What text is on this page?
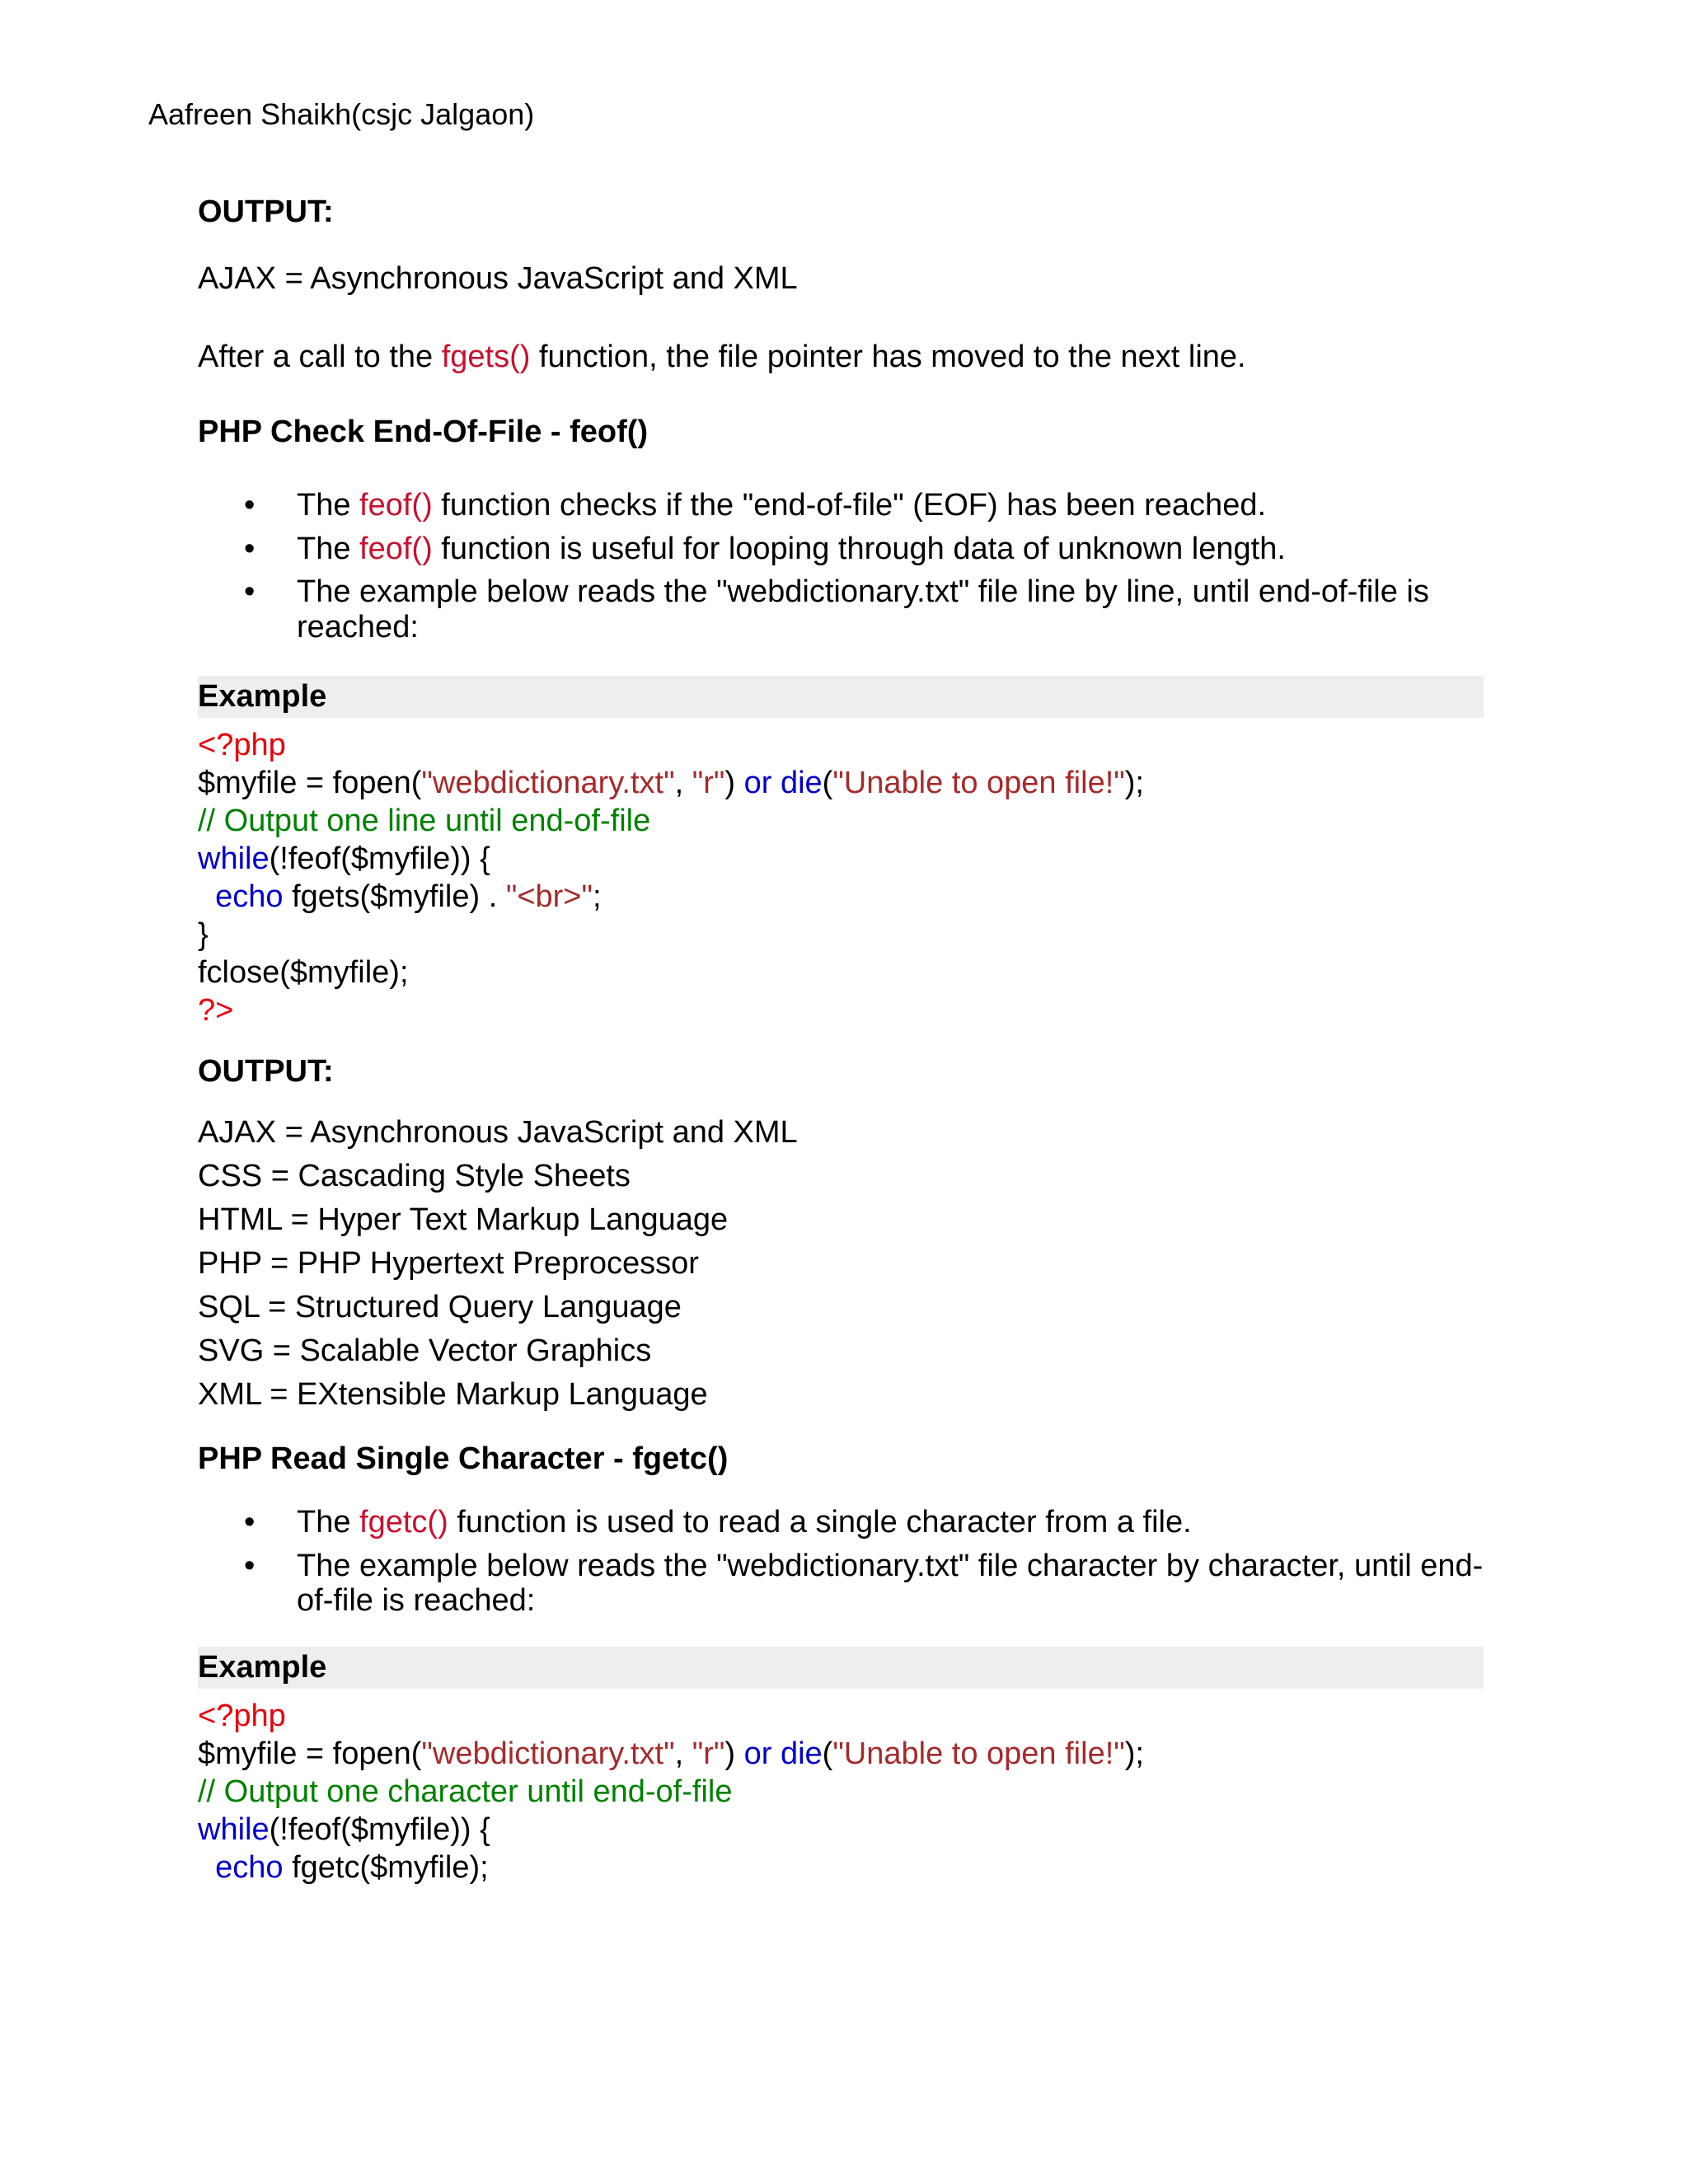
Aafreen Shaikh(csjc Jalgaon)

OUTPUT:

AJAX = Asynchronous JavaScript and XML

After a call to the fgets() function, the file pointer has moved to the next line.

PHP Check End-Of-File - feof()

• The feof() function checks if the "end-of-file" (EOF) has been reached.
• The feof() function is useful for looping through data of unknown length.
• The example below reads the "webdictionary.txt" file line by line, until end-of-file is reached:
Example

<?php

$myfile = fopen("webdictionary.txt", "r") or die("Unable to open file!");

// Output one line until end-of-file

while(!feof($myfile)) {

echo fgets($myfile) . "<br>";

}

fclose($myfile);

?>

OUTPUT:

AJAX = Asynchronous JavaScript and XML

CSS = Cascading Style Sheets

HTML = Hyper Text Markup Language

PHP = PHP Hypertext Preprocessor

SQL = Structured Query Language

SVG = Scalable Vector Graphics

XML = EXtensible Markup Language

PHP Read Single Character - fgetc()

• The fgetc() function is used to read a single character from a file.
• The example below reads the "webdictionary.txt" file character by character, until end-of-file is reached:
Example

<?php

$myfile = fopen("webdictionary.txt", "r") or die("Unable to open file!");

// Output one character until end-of-file

while(!feof($myfile)) {

echo fgetc($myfile);
